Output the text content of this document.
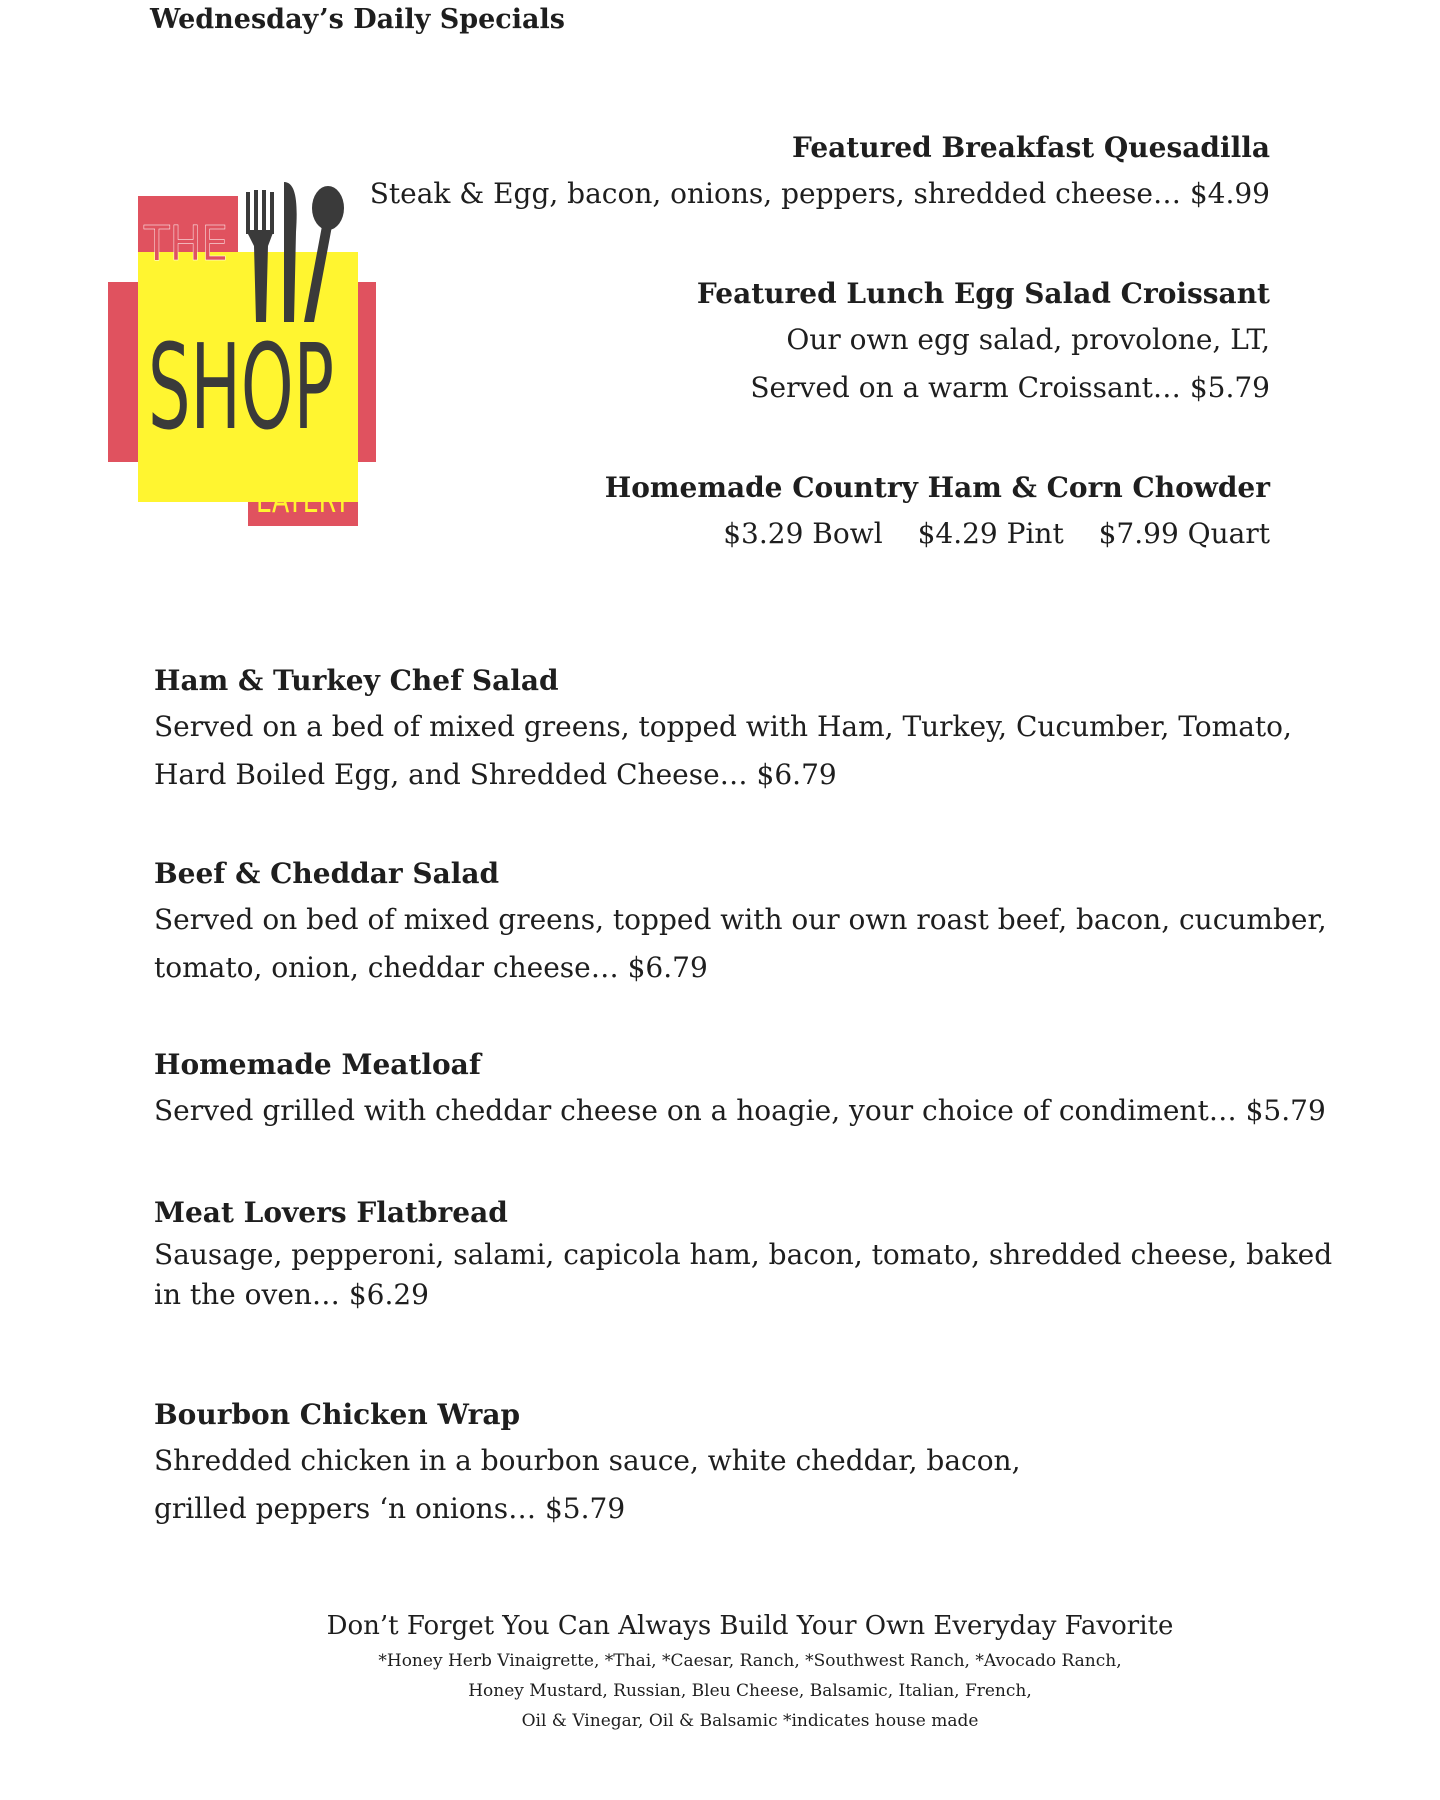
Wednesday’s Daily Specials
THE
SHOP
EATERY
Featured Breakfast Quesadilla
Steak & Egg, bacon, onions, peppers, shredded cheese… $4.99
Featured Lunch Egg Salad Croissant
Our own egg salad, provolone, LT,
Served on a warm Croissant… $5.79
Homemade Country Ham & Corn Chowder
$3.29 Bowl $4.29 Pint $7.99 Quart
Ham & Turkey Chef Salad
Served on a bed of mixed greens, topped with Ham, Turkey, Cucumber, Tomato,
Hard Boiled Egg, and Shredded Cheese… $6.79
Beef & Cheddar Salad
Served on bed of mixed greens, topped with our own roast beef, bacon, cucumber,
tomato, onion, cheddar cheese… $6.79
Homemade Meatloaf
Served grilled with cheddar cheese on a hoagie, your choice of condiment… $5.79
Meat Lovers Flatbread
Sausage, pepperoni, salami, capicola ham, bacon, tomato, shredded cheese, baked
in the oven… $6.29
Bourbon Chicken Wrap
Shredded chicken in a bourbon sauce, white cheddar, bacon,
grilled peppers ‘n onions… $5.79
Don’t Forget You Can Always Build Your Own Everyday Favorite
*Honey Herb Vinaigrette, *Thai, *Caesar, Ranch, *Southwest Ranch, *Avocado Ranch,
Honey Mustard, Russian, Bleu Cheese, Balsamic, Italian, French,
Oil & Vinegar, Oil & Balsamic *indicates house made
